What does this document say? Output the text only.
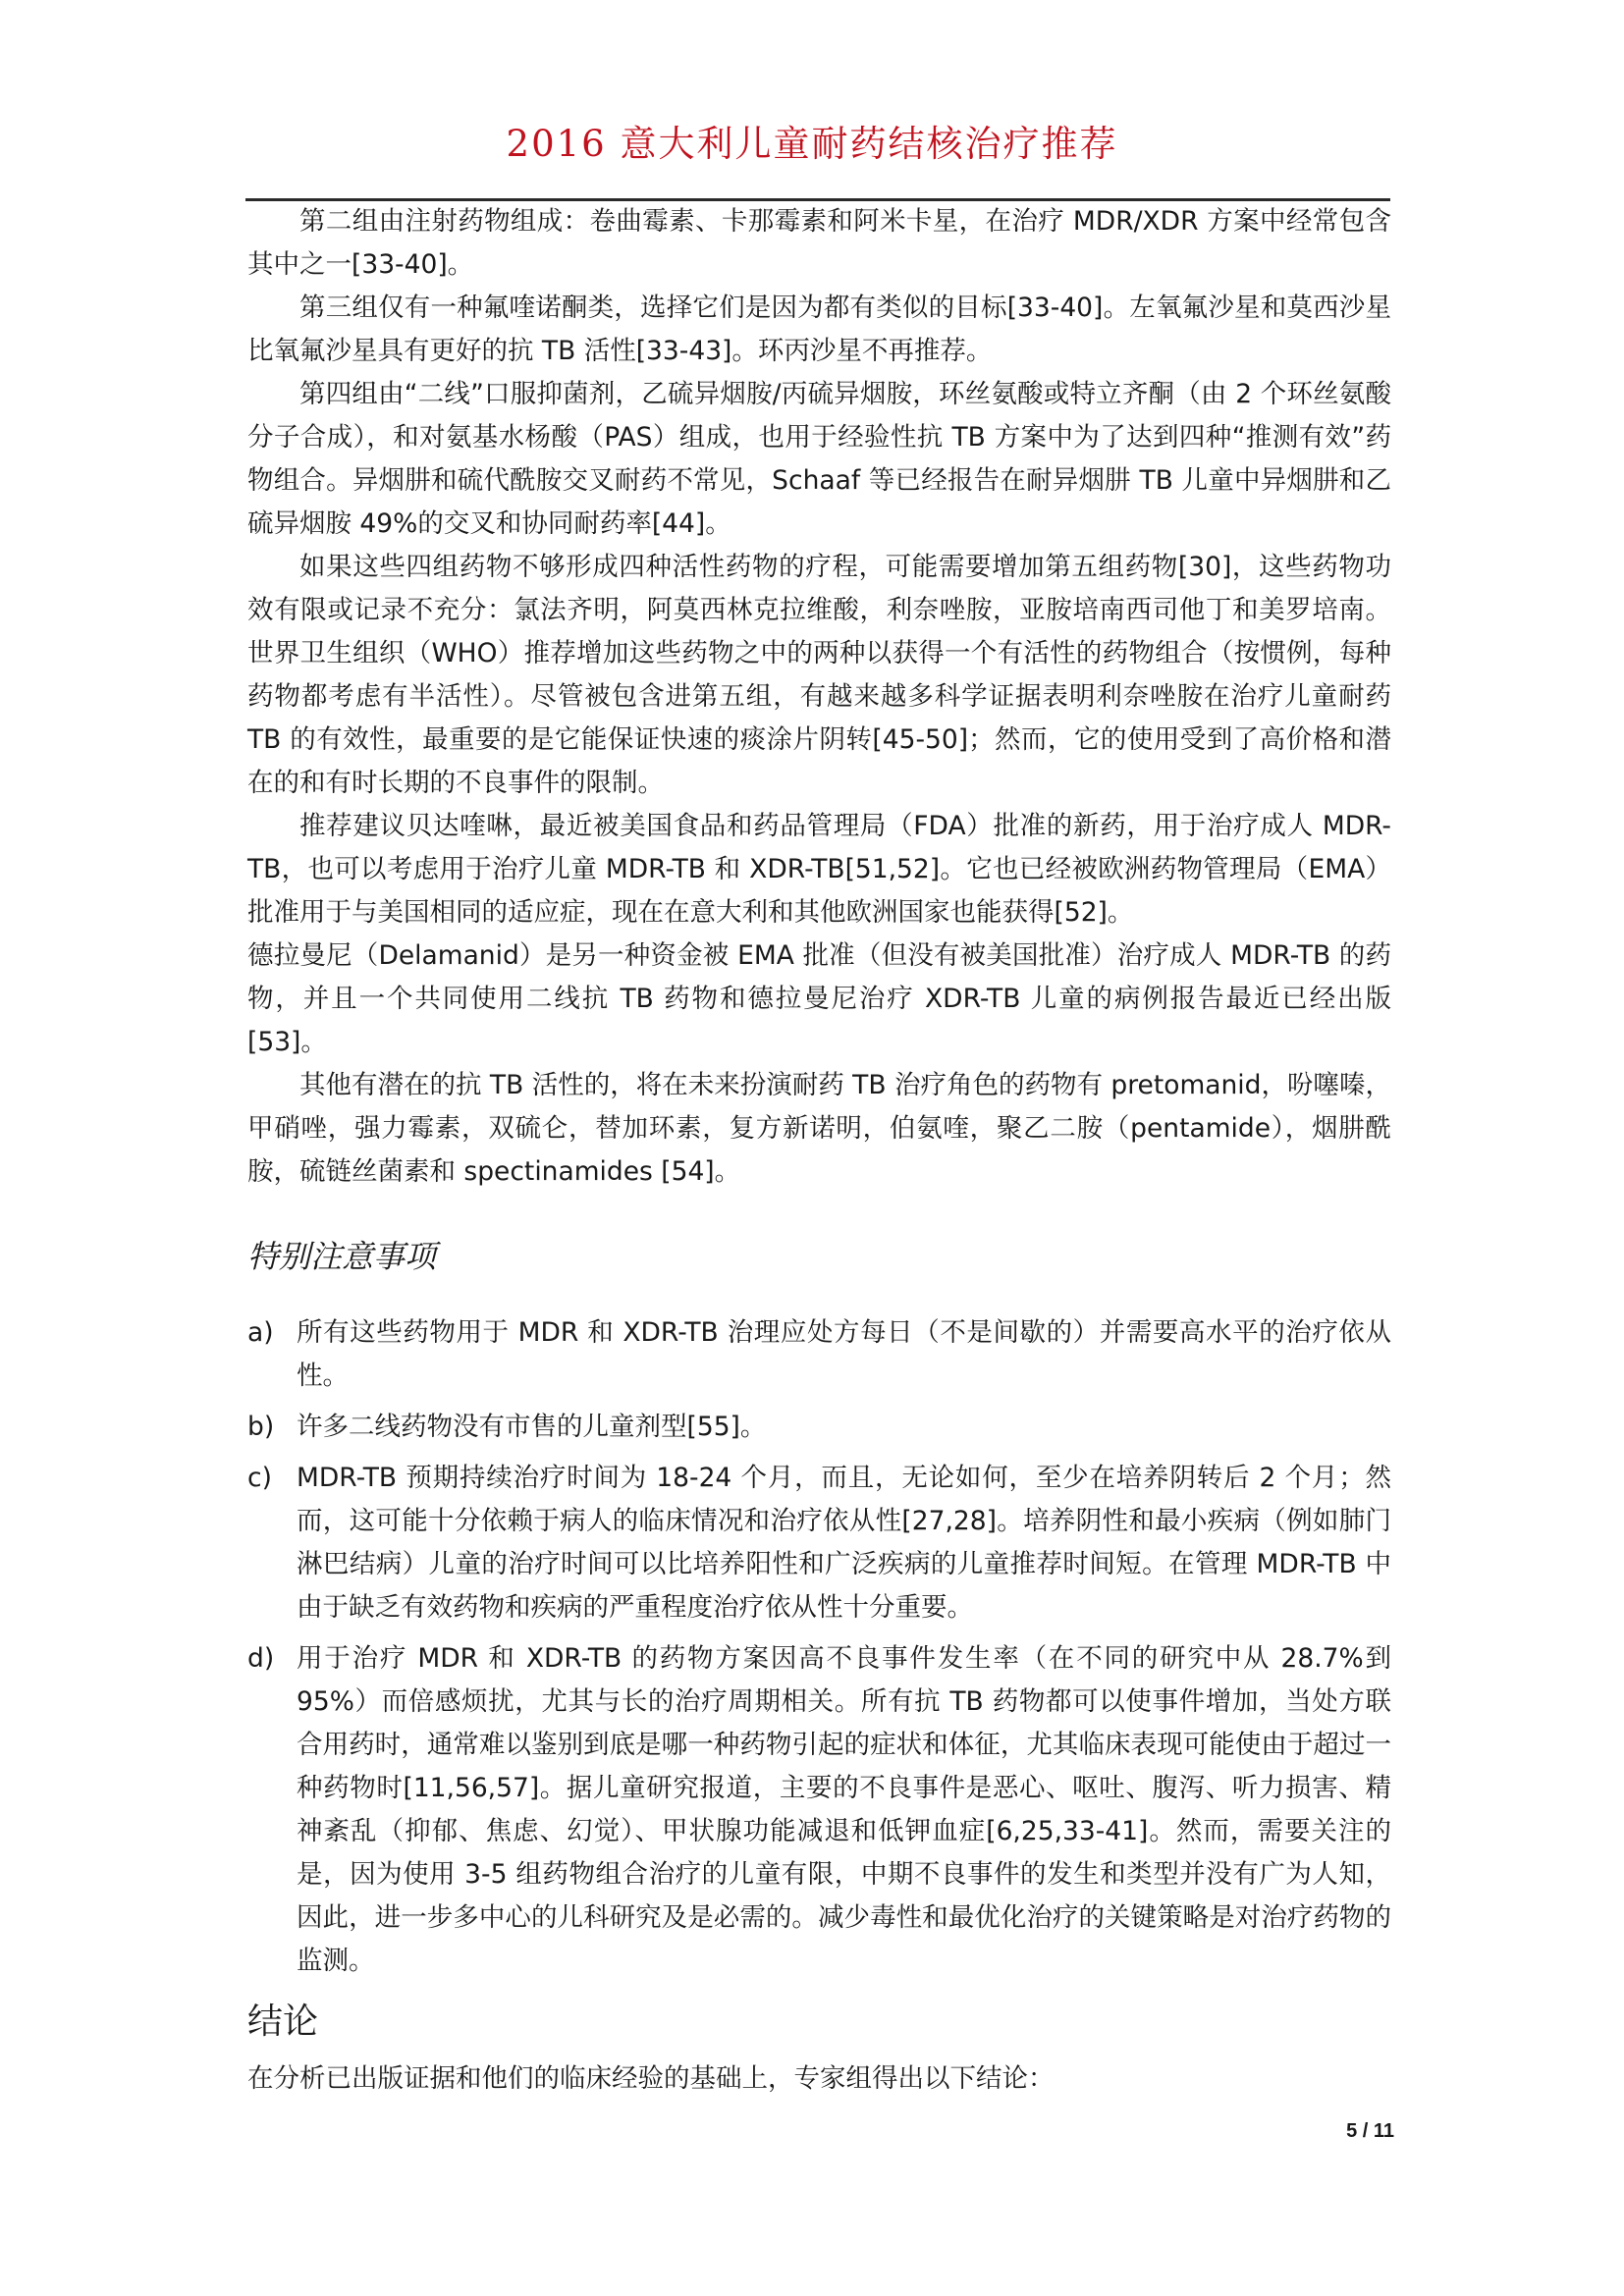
2016 意大利儿童耐药结核治疗推荐

第二组由注射药物组成：卷曲霉素、卡那霉素和阿米卡星，在治疗 MDR/XDR 方案中经常包含其中之一[33-40]。

第三组仅有一种氟喹诺酮类，选择它们是因为都有类似的目标[33-40]。左氧氟沙星和莫西沙星比氧氟沙星具有更好的抗 TB 活性[33-43]。环丙沙星不再推荐。

第四组由“二线”口服抑菌剂，乙硫异烟胺/丙硫异烟胺，环丝氨酸或特立齐酮（由 2 个环丝氨酸分子合成），和对氨基水杨酸（PAS）组成，也用于经验性抗 TB 方案中为了达到四种“推测有效”药物组合。异烟肼和硫代酰胺交叉耐药不常见，Schaaf 等已经报告在耐异烟肼 TB 儿童中异烟肼和乙硫异烟胺 49%的交叉和协同耐药率[44]。

如果这些四组药物不够形成四种活性药物的疗程，可能需要增加第五组药物[30]，这些药物功效有限或记录不充分：氯法齐明，阿莫西林克拉维酸，利奈唑胺，亚胺培南西司他丁和美罗培南。世界卫生组织（WHO）推荐增加这些药物之中的两种以获得一个有活性的药物组合（按惯例，每种药物都考虑有半活性）。尽管被包含进第五组，有越来越多科学证据表明利奈唑胺在治疗儿童耐药 TB 的有效性，最重要的是它能保证快速的痰涂片阴转[45-50]；然而，它的使用受到了高价格和潜在的和有时长期的不良事件的限制。

推荐建议贝达喹啉，最近被美国食品和药品管理局（FDA）批准的新药，用于治疗成人 MDR-TB，也可以考虑用于治疗儿童 MDR-TB 和 XDR-TB[51,52]。它也已经被欧洲药物管理局（EMA）批准用于与美国相同的适应症，现在在意大利和其他欧洲国家也能获得[52]。

德拉曼尼（Delamanid）是另一种资金被 EMA 批准（但没有被美国批准）治疗成人 MDR-TB 的药物，并且一个共同使用二线抗 TB 药物和德拉曼尼治疗 XDR-TB 儿童的病例报告最近已经出版[53]。

其他有潜在的抗 TB 活性的，将在未来扮演耐药 TB 治疗角色的药物有 pretomanid，吩噻嗪，甲硝唑，强力霉素，双硫仑，替加环素，复方新诺明，伯氨喹，聚乙二胺（pentamide），烟肼酰胺，硫链丝菌素和 spectinamides [54]。

特别注意事项
a) 所有这些药物用于 MDR 和 XDR-TB 治理应处方每日（不是间歇的）并需要高水平的治疗依从性。
b) 许多二线药物没有市售的儿童剂型[55]。
c) MDR-TB 预期持续治疗时间为 18-24 个月，而且，无论如何，至少在培养阴转后 2 个月；然而，这可能十分依赖于病人的临床情况和治疗依从性[27,28]。培养阴性和最小疾病（例如肺门淋巴结病）儿童的治疗时间可以比培养阳性和广泛疾病的儿童推荐时间短。在管理 MDR-TB 中由于缺乏有效药物和疾病的严重程度治疗依从性十分重要。
d) 用于治疗 MDR 和 XDR-TB 的药物方案因高不良事件发生率（在不同的研究中从 28.7%到 95%）而倍感烦扰，尤其与长的治疗周期相关。所有抗 TB 药物都可以使事件增加，当处方联合用药时，通常难以鉴别到底是哪一种药物引起的症状和体征，尤其临床表现可能使由于超过一种药物时[11,56,57]。据儿童研究报道，主要的不良事件是恶心、呕吐、腹泻、听力损害、精神紊乱（抑郁、焦虑、幻觉）、甲状腺功能减退和低钾血症[6,25,33-41]。然而，需要关注的是，因为使用 3-5 组药物组合治疗的儿童有限，中期不良事件的发生和类型并没有广为人知，因此，进一步多中心的儿科研究及是必需的。减少毒性和最优化治疗的关键策略是对治疗药物的监测。
结论

在分析已出版证据和他们的临床经验的基础上，专家组得出以下结论：

5 / 11
